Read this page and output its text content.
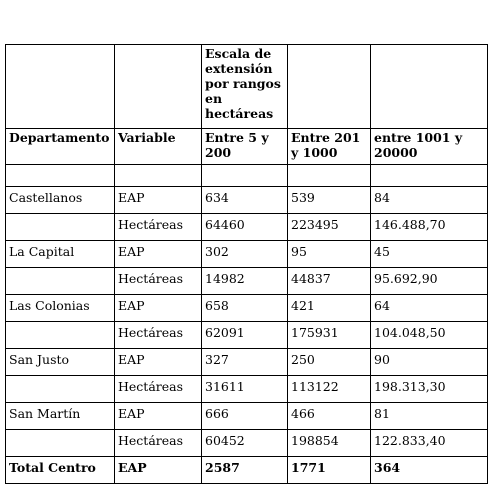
		Escala de extensión por rangos en hectáreas		
Departamento	Variable	Entre 5 y 200	Entre 201 y 1000	entre 1001 y 20000

Castellanos	EAP	634	539	84
	Hectáreas	64460	223495	146.488,70
La Capital	EAP	302	95	45
	Hectáreas	14982	44837	95.692,90
Las Colonias	EAP	658	421	64
	Hectáreas	62091	175931	104.048,50
San Justo	EAP	327	250	90
	Hectáreas	31611	113122	198.313,30
San Martín	EAP	666	466	81
	Hectáreas	60452	198854	122.833,40
Total Centro	EAP	2587	1771	364
